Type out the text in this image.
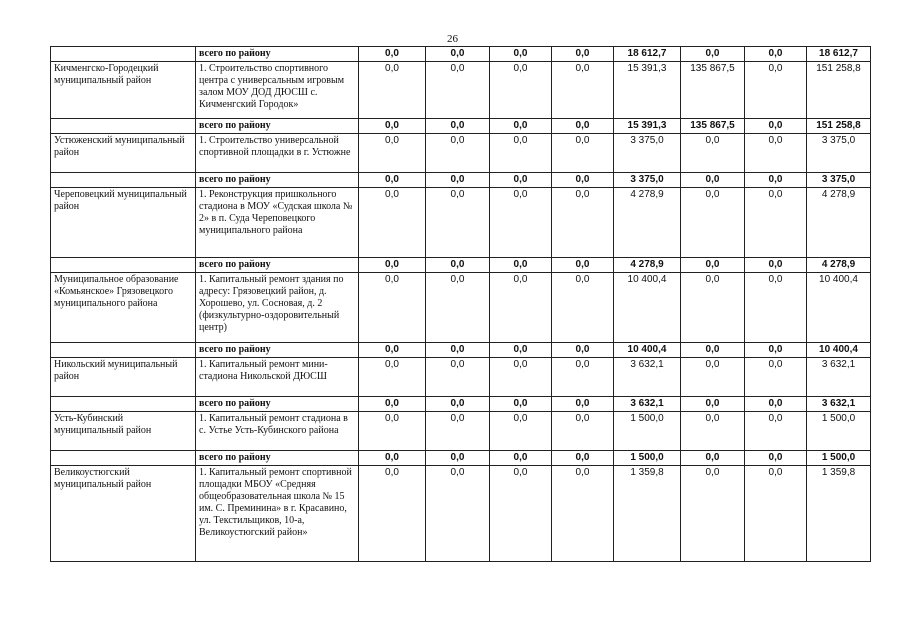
26
	всего по району	0,0	0,0	0,0	0,0	18 612,7	0,0	0,0	18 612,7
Кичменгско-Городецкий муниципальный район	1. Строительство спортивного центра с универсальным игровым залом МОУ ДОД ДЮСШ с. Кичменгский Городок»	0,0	0,0	0,0	0,0	15 391,3	135 867,5	0,0	151 258,8
	всего по району	0,0	0,0	0,0	0,0	15 391,3	135 867,5	0,0	151 258,8
Устюженский муниципальный район	1. Строительство универсальной спортивной площадки в г. Устюжне	0,0	0,0	0,0	0,0	3 375,0	0,0	0,0	3 375,0
	всего по району	0,0	0,0	0,0	0,0	3 375,0	0,0	0,0	3 375,0
Череповецкий муниципальный район	1. Реконструкция пришкольного стадиона в МОУ «Судская школа № 2» в п. Суда Череповецкого муниципального района	0,0	0,0	0,0	0,0	4 278,9	0,0	0,0	4 278,9
	всего по району	0,0	0,0	0,0	0,0	4 278,9	0,0	0,0	4 278,9
Муниципальное образование «Комьянское» Грязовецкого муниципального района	1. Капитальный ремонт здания по адресу: Грязовецкий район, д. Хорошево, ул. Сосновая, д. 2 (физкультурно-оздоровительный центр)	0,0	0,0	0,0	0,0	10 400,4	0,0	0,0	10 400,4
	всего по району	0,0	0,0	0,0	0,0	10 400,4	0,0	0,0	10 400,4
Никольский муниципальный район	1. Капитальный ремонт мини-стадиона Никольской ДЮСШ	0,0	0,0	0,0	0,0	3 632,1	0,0	0,0	3 632,1
	всего по району	0,0	0,0	0,0	0,0	3 632,1	0,0	0,0	3 632,1
Усть-Кубинский муниципальный район	1. Капитальный ремонт стадиона в с. Устье Усть-Кубинского района	0,0	0,0	0,0	0,0	1 500,0	0,0	0,0	1 500,0
	всего по району	0,0	0,0	0,0	0,0	1 500,0	0,0	0,0	1 500,0
Великоустюгский муниципальный район	1. Капитальный ремонт спортивной площадки МБОУ «Средняя общеобразовательная школа № 15 им. С. Преминина» в г. Красавино, ул. Текстильщиков, 10-а, Великоустюгский район»	0,0	0,0	0,0	0,0	1 359,8	0,0	0,0	1 359,8
